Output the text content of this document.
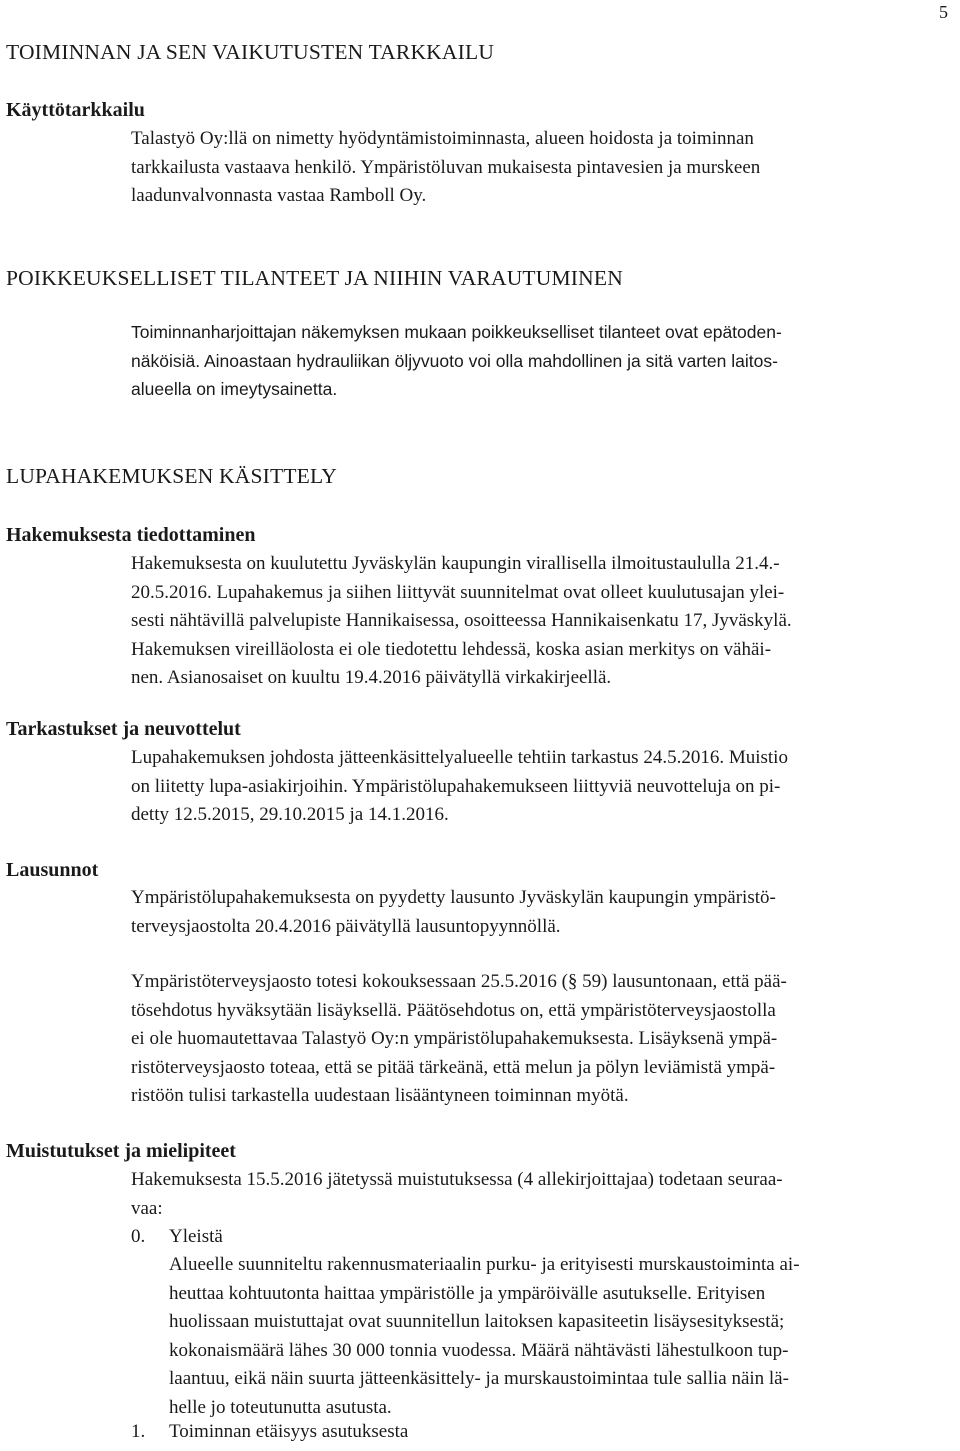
5

TOIMINNAN JA SEN VAIKUTUSTEN TARKKAILU
Käyttötarkkailu

Talastyö Oy:llä on nimetty hyödyntämistoiminnasta, alueen hoidosta ja toiminnan
tarkkailusta vastaava henkilö. Ympäristöluvan mukaisesta pintavesien ja murskeen
laadunvalvonnasta vastaa Ramboll Oy.

POIKKEUKSELLISET TILANTEET JA NIIHIN VARAUTUMINEN

Toiminnanharjoittajan näkemyksen mukaan poikkeukselliset tilanteet ovat epätoden-
näköisiä. Ainoastaan hydrauliikan öljyvuoto voi olla mahdollinen ja sitä varten laitos-
alueella on imeytysainetta.

LUPAHAKEMUKSEN KÄSITTELY
Hakemuksesta tiedottaminen

Hakemuksesta on kuulutettu Jyväskylän kaupungin virallisella ilmoitustaululla 21.4.-
20.5.2016. Lupahakemus ja siihen liittyvät suunnitelmat ovat olleet kuulutusajan ylei-
sesti nähtävillä palvelupiste Hannikaisessa, osoitteessa Hannikaisenkatu 17, Jyväskylä.
Hakemuksen vireilläolosta ei ole tiedotettu lehdessä, koska asian merkitys on vähäi-
nen. Asianosaiset on kuultu 19.4.2016 päivätyllä virkakirjeellä.

Tarkastukset ja neuvottelut

Lupahakemuksen johdosta jätteenkäsittelyalueelle tehtiin tarkastus 24.5.2016. Muistio
on liitetty lupa-asiakirjoihin. Ympäristölupahakemukseen liittyviä neuvotteluja on pi-
detty 12.5.2015, 29.10.2015 ja 14.1.2016.

Lausunnot

Ympäristölupahakemuksesta on pyydetty lausunto Jyväskylän kaupungin ympäristö-
terveysjaostolta 20.4.2016 päivätyllä lausuntopyynnöllä.

Ympäristöterveysjaosto totesi kokouksessaan 25.5.2016 (§ 59) lausuntonaan, että pää-
tösehdotus hyväksytään lisäyksellä. Päätösehdotus on, että ympäristöterveysjaostolla
ei ole huomautettavaa Talastyö Oy:n ympäristölupahakemuksesta. Lisäyksenä ympä-
ristöterveysjaosto toteaa, että se pitää tärkeänä, että melun ja pölyn leviämistä ympä-
ristöön tulisi tarkastella uudestaan lisääntyneen toiminnan myötä.

Muistutukset ja mielipiteet

Hakemuksesta 15.5.2016 jätetyssä muistutuksessa (4 allekirjoittajaa) todetaan seuraa-
vaa:

0. Yleistä

Alueelle suunniteltu rakennusmateriaalin purku- ja erityisesti murskaustoiminta ai-
heuttaa kohtuutonta haittaa ympäristölle ja ympäröivälle asutukselle. Erityisen
huolissaan muistuttajat ovat suunnitellun laitoksen kapasiteetin lisäysesityksestä;
kokonaismäärä lähes 30 000 tonnia vuodessa. Määrä nähtävästi lähestulkoon tup-
laantuu, eikä näin suurta jätteenkäsittely- ja murskaustoimintaa tule sallia näin lä-
helle jo toteutunutta asutusta.

1. Toiminnan etäisyys asutuksesta
